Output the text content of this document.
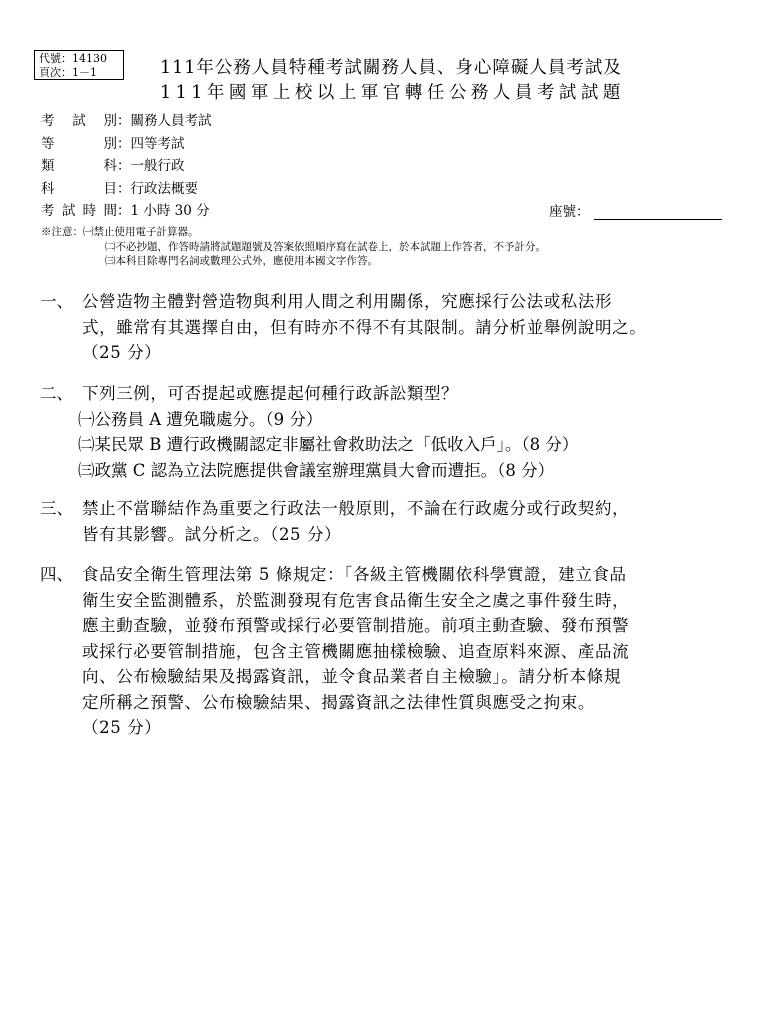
代號：14130
頁次：1－1	111年公務人員特種考試關務人員、身心障礙人員考試及
111年國軍上校以上軍官轉任公務人員考試試題
考試別：關務人員考試
等別：四等考試
類科：一般行政
科目：行政法概要
考試時間：1 小時 30 分	座號：
※注意：㈠禁止使用電子計算器。
㈡不必抄題，作答時請將試題題號及答案依照順序寫在試卷上，於本試題上作答者，不予計分。
㈢本科目除專門名詞或數理公式外，應使用本國文字作答。
一、 公營造物主體對營造物與利用人間之利用關係，究應採行公法或私法形
式，雖常有其選擇自由，但有時亦不得不有其限制。請分析並舉例說明之。
（25 分）
二、 下列三例，可否提起或應提起何種行政訴訟類型？
㈠公務員 A 遭免職處分。（9 分）
㈡某民眾 B 遭行政機關認定非屬社會救助法之「低收入戶」。（8 分）
㈢政黨 C 認為立法院應提供會議室辦理黨員大會而遭拒。（8 分）
三、 禁止不當聯結作為重要之行政法一般原則，不論在行政處分或行政契約，
皆有其影響。試分析之。（25 分）
四、 食品安全衛生管理法第 5 條規定：「各級主管機關依科學實證，建立食品
衛生安全監測體系，於監測發現有危害食品衛生安全之虞之事件發生時，
應主動查驗，並發布預警或採行必要管制措施。前項主動查驗、發布預警
或採行必要管制措施，包含主管機關應抽樣檢驗、追查原料來源、產品流
向、公布檢驗結果及揭露資訊，並令食品業者自主檢驗」。請分析本條規
定所稱之預警、公布檢驗結果、揭露資訊之法律性質與應受之拘束。
（25 分）
